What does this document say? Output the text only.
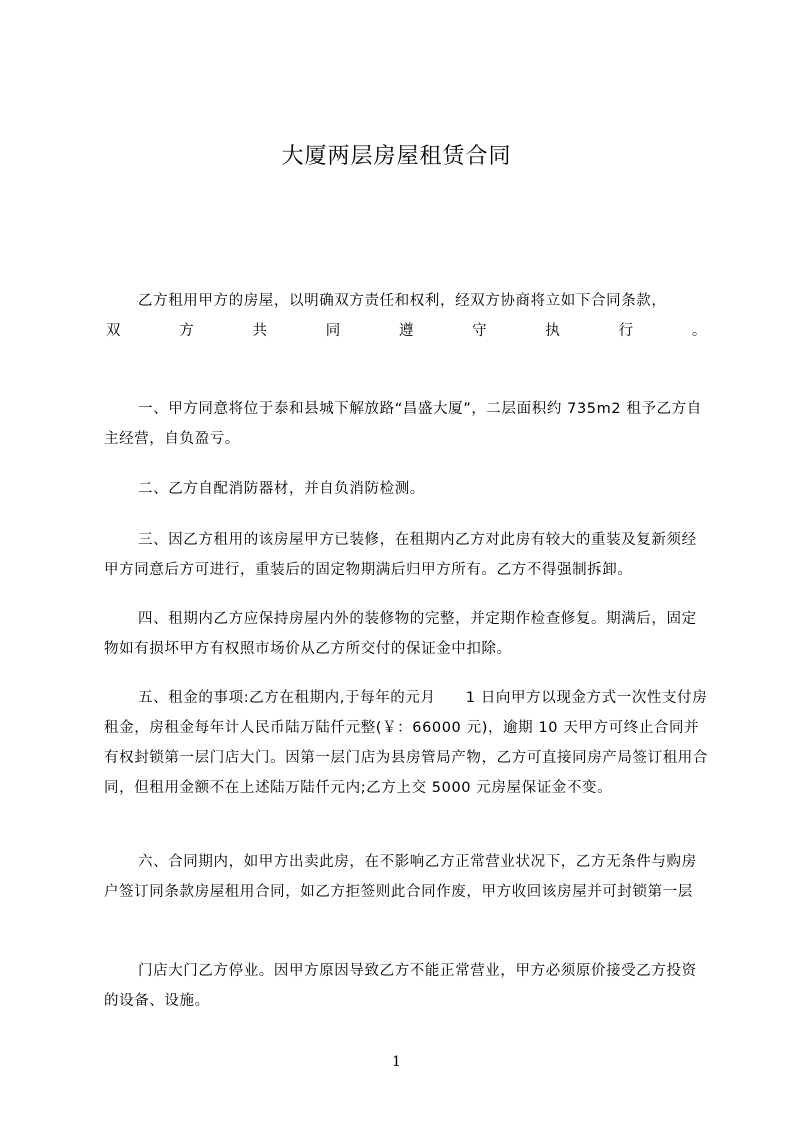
大厦两层房屋租赁合同
乙方租用甲方的房屋，以明确双方责任和权利，经双方协商将立如下合同条款，
双	方	共	同	遵	守	执	行	。

一、甲方同意将位于泰和县城下解放路“昌盛大厦”，二层面积约 735m2 租予乙方自主经营，自负盈亏。

二、乙方自配消防器材，并自负消防检测。

三、因乙方租用的该房屋甲方已装修，在租期内乙方对此房有较大的重装及复新须经甲方同意后方可进行，重装后的固定物期满后归甲方所有。乙方不得强制拆卸。

四、租期内乙方应保持房屋内外的装修物的完整，并定期作检查修复。期满后，固定物如有损坏甲方有权照市场价从乙方所交付的保证金中扣除。

五、租金的事项:乙方在租期内,于每年的元月　　1 日向甲方以现金方式一次性支付房租金，房租金每年计人民币陆万陆仟元整(￥：66000 元)，逾期 10 天甲方可终止合同并有权封锁第一层门店大门。因第一层门店为县房管局产物，乙方可直接同房产局签订租用合同，但租用金额不在上述陆万陆仟元内;乙方上交 5000 元房屋保证金不变。

六、合同期内，如甲方出卖此房，在不影响乙方正常营业状况下，乙方无条件与购房户签订同条款房屋租用合同，如乙方拒签则此合同作废，甲方收回该房屋并可封锁第一层

门店大门乙方停业。因甲方原因导致乙方不能正常营业，甲方必须原价接受乙方投资的设备、设施。

1
